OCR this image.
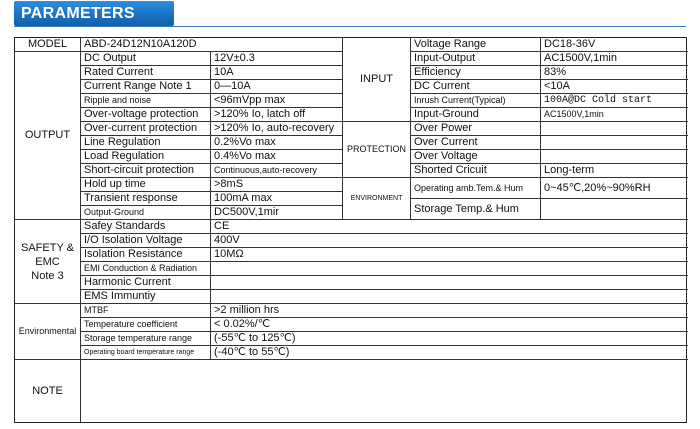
PARAMETERS
MODEL	ABD-24D12N10A120D
OUTPUT
DC Output	12V±0.3
Rated Current	10A
Current Range Note 1	0—10A
Ripple and noise	<96mVpp max
Over-voltage protection	>120% Io, latch off
Over-current protection	>120% Io, auto-recovery
Line Regulation	0.2%Vo max
Load Regulation	0.4%Vo max
Short-circuit protection	Continuous,auto-recovery
Hold up time	>8mS
Transient response	100mA max
Output-Ground	DC500V,1mir
SAFETY &
EMC
Note 3
Safey Standards	CE
I/O Isolation Voltage	400V
Isolation Resistance	10MΩ
EMI Conduction & Radiation
Harmonic Current
EMS Immuntiy
Environmental
MTBF	>2 million hrs
Temperature coefficient	< 0.02%/℃
Storage temperature range	(-55℃ to 125℃)
Operating board temperature range	(-40℃ to 55℃)
NOTE
INPUT
Voltage Range	DC18-36V
Input-Output	AC1500V,1min
Efficiency	83%
DC Current	<10A
Inrush Current(Typical)	100A@DC Cold start
Input-Ground	AC1500V,1min
PROTECTION
Over Power
Over Current
Over Voltage
Shorted Cricuit	Long-term
ENVIRONMENT
Operating amb.Tem.& Hum	0~45℃,20%~90%RH
Storage Temp.& Hum
